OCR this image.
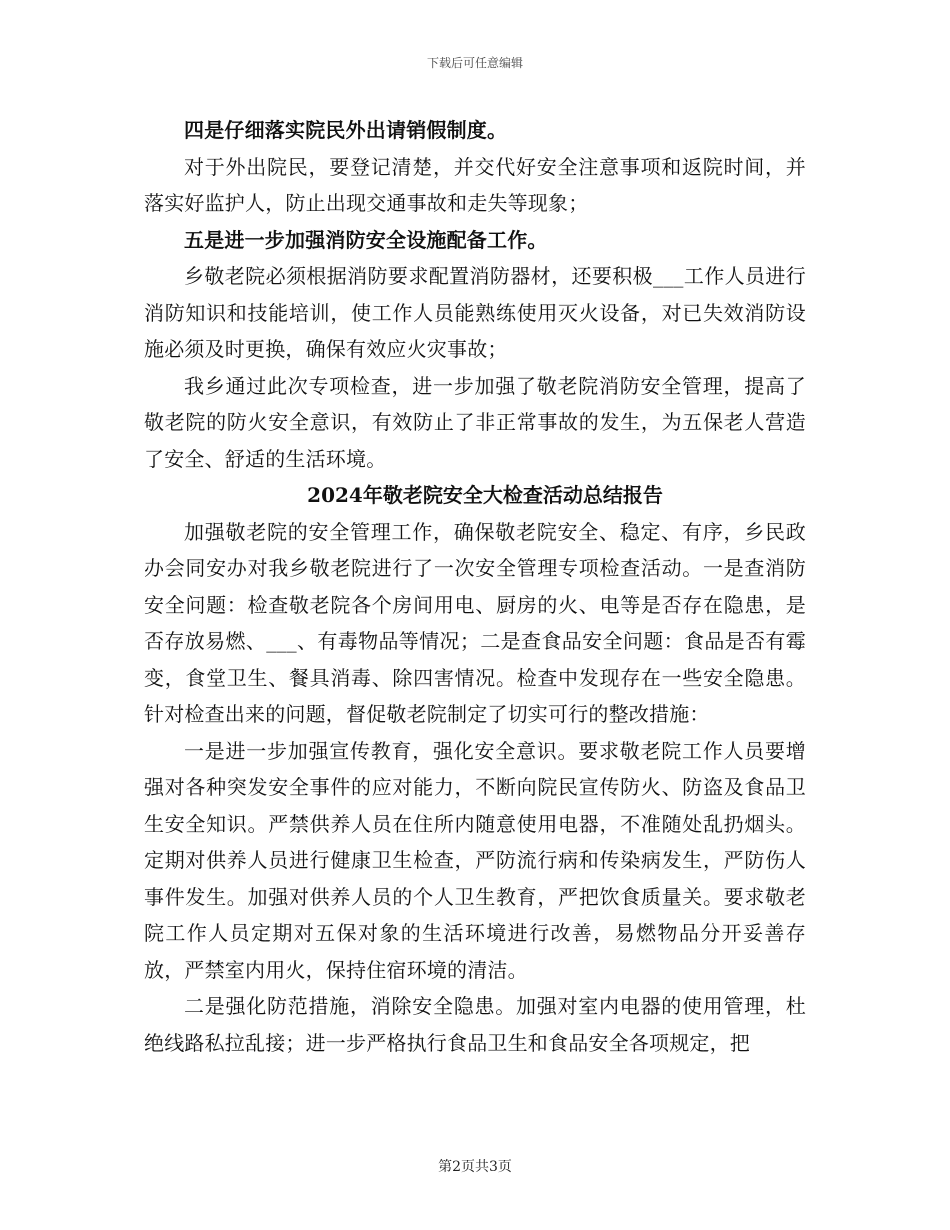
下载后可任意编辑

四是仔细落实院民外出请销假制度。

对于外出院民，要登记清楚，并交代好安全注意事项和返院时间，并落实好监护人，防止出现交通事故和走失等现象；

五是进一步加强消防安全设施配备工作。

乡敬老院必须根据消防要求配置消防器材，还要积极___工作人员进行消防知识和技能培训，使工作人员能熟练使用灭火设备，对已失效消防设施必须及时更换，确保有效应火灾事故；

我乡通过此次专项检查，进一步加强了敬老院消防安全管理，提高了敬老院的防火安全意识，有效防止了非正常事故的发生，为五保老人营造了安全、舒适的生活环境。

2024年敬老院安全大检查活动总结报告

加强敬老院的安全管理工作，确保敬老院安全、稳定、有序，乡民政办会同安办对我乡敬老院进行了一次安全管理专项检查活动。一是查消防安全问题：检查敬老院各个房间用电、厨房的火、电等是否存在隐患，是否存放易燃、___、有毒物品等情况；二是查食品安全问题：食品是否有霉变，食堂卫生、餐具消毒、除四害情况。检查中发现存在一些安全隐患。针对检查出来的问题，督促敬老院制定了切实可行的整改措施：

一是进一步加强宣传教育，强化安全意识。要求敬老院工作人员要增强对各种突发安全事件的应对能力，不断向院民宣传防火、防盗及食品卫生安全知识。严禁供养人员在住所内随意使用电器，不准随处乱扔烟头。定期对供养人员进行健康卫生检查，严防流行病和传染病发生，严防伤人事件发生。加强对供养人员的个人卫生教育，严把饮食质量关。要求敬老院工作人员定期对五保对象的生活环境进行改善，易燃物品分开妥善存放，严禁室内用火，保持住宿环境的清洁。

二是强化防范措施，消除安全隐患。加强对室内电器的使用管理，杜绝线路私拉乱接；进一步严格执行食品卫生和食品安全各项规定，把

第2页共3页
